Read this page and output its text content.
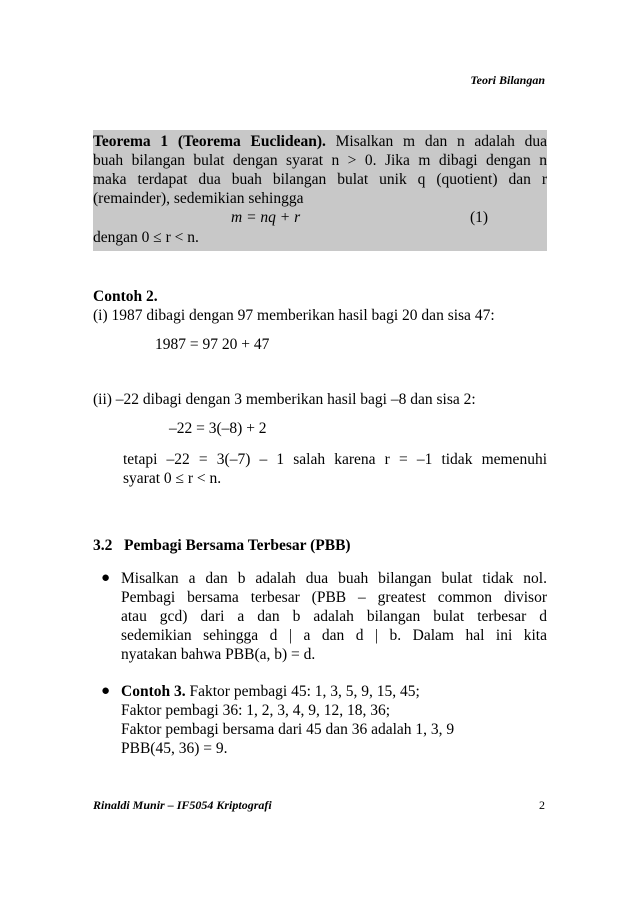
Teori Bilangan
Teorema 1 (Teorema Euclidean). Misalkan m dan n adalah dua
buah bilangan bulat dengan syarat n > 0. Jika m dibagi dengan n
maka terdapat dua buah bilangan bulat unik q (quotient) dan r
(remainder), sedemikian sehingga
m = nq + r	(1)
dengan 0 ≤ r < n.
Contoh 2.
(i) 1987 dibagi dengan 97 memberikan hasil bagi 20 dan sisa 47:
1987 = 97 20 + 47
(ii) –22 dibagi dengan 3 memberikan hasil bagi –8 dan sisa 2:
–22 = 3(–8) + 2
tetapi –22 = 3(–7) – 1 salah karena r = –1 tidak memenuhi
syarat 0 ≤ r < n.
3.2 Pembagi Bersama Terbesar (PBB)
● Misalkan a dan b adalah dua buah bilangan bulat tidak nol.
Pembagi bersama terbesar (PBB – greatest common divisor
atau gcd) dari a dan b adalah bilangan bulat terbesar d
sedemikian sehingga d | a dan d | b. Dalam hal ini kita
nyatakan bahwa PBB(a, b) = d.
● Contoh 3. Faktor pembagi 45: 1, 3, 5, 9, 15, 45;
Faktor pembagi 36: 1, 2, 3, 4, 9, 12, 18, 36;
Faktor pembagi bersama dari 45 dan 36 adalah 1, 3, 9
PBB(45, 36) = 9.
Rinaldi Munir – IF5054 Kriptografi	2
